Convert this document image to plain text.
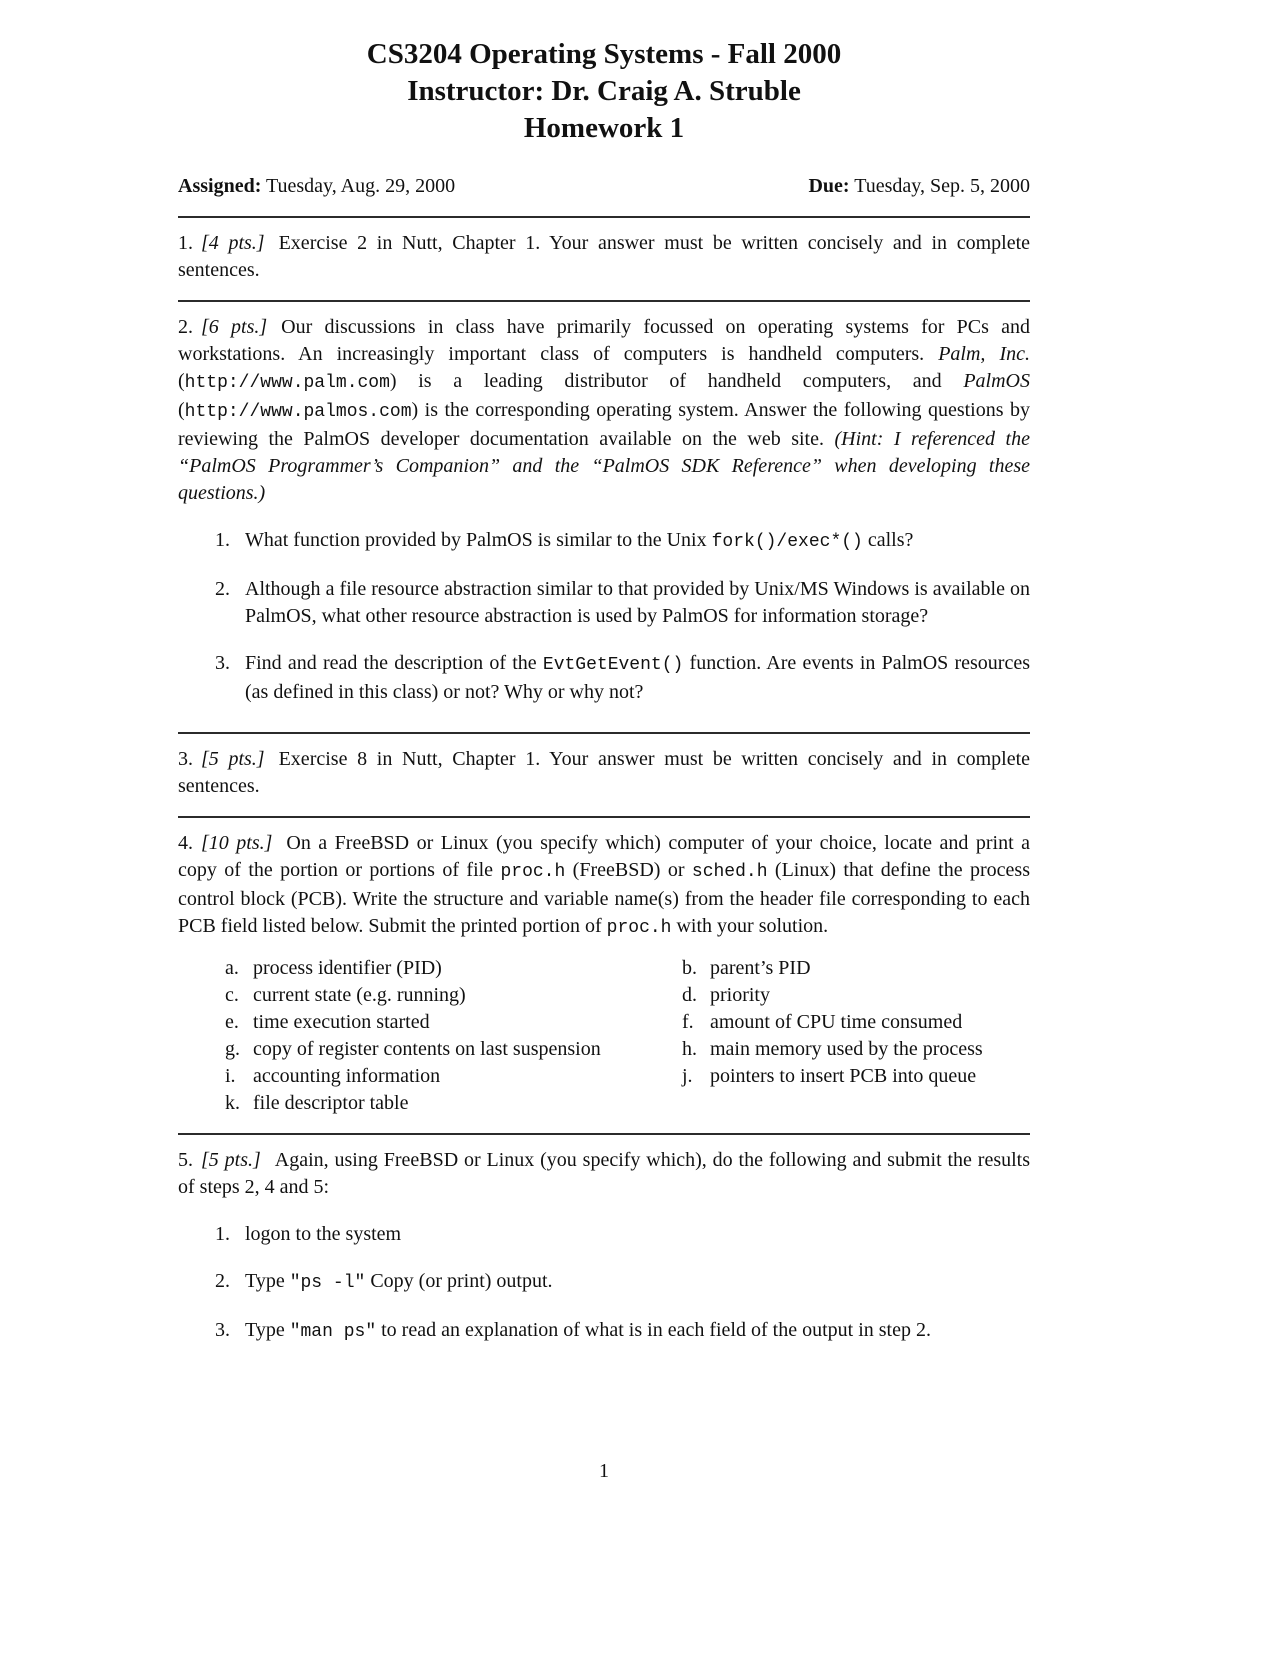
CS3204 Operating Systems - Fall 2000
Instructor: Dr. Craig A. Struble
Homework 1
Assigned: Tuesday, Aug. 29, 2000	Due: Tuesday, Sep. 5, 2000

1. [4 pts.] Exercise 2 in Nutt, Chapter 1. Your answer must be written concisely and in complete sentences.

2. [6 pts.] Our discussions in class have primarily focussed on operating systems for PCs and workstations. An increasingly important class of computers is handheld computers. Palm, Inc. (http://www.palm.com) is a leading distributor of handheld computers, and PalmOS (http://www.palmos.com) is the corresponding operating system. Answer the following questions by reviewing the PalmOS developer documentation available on the web site. (Hint: I referenced the “PalmOS Programmer’s Companion” and the “PalmOS SDK Reference” when developing these questions.)

1. What function provided by PalmOS is similar to the Unix fork()/exec*() calls?
2. Although a file resource abstraction similar to that provided by Unix/MS Windows is available on PalmOS, what other resource abstraction is used by PalmOS for information storage?
3. Find and read the description of the EvtGetEvent() function. Are events in PalmOS resources (as defined in this class) or not? Why or why not?

3. [5 pts.] Exercise 8 in Nutt, Chapter 1. Your answer must be written concisely and in complete sentences.

4. [10 pts.] On a FreeBSD or Linux (you specify which) computer of your choice, locate and print a copy of the portion or portions of file proc.h (FreeBSD) or sched.h (Linux) that define the process control block (PCB). Write the structure and variable name(s) from the header file corresponding to each PCB field listed below. Submit the printed portion of proc.h with your solution.

a. process identifier (PID)	b. parent’s PID
c. current state (e.g. running)	d. priority
e. time execution started	f. amount of CPU time consumed
g. copy of register contents on last suspension	h. main memory used by the process
i. accounting information	j. pointers to insert PCB into queue
k. file descriptor table

5. [5 pts.] Again, using FreeBSD or Linux (you specify which), do the following and submit the results of steps 2, 4 and 5:

1. logon to the system
2. Type "ps -l" Copy (or print) output.
3. Type "man ps" to read an explanation of what is in each field of the output in step 2.
1
